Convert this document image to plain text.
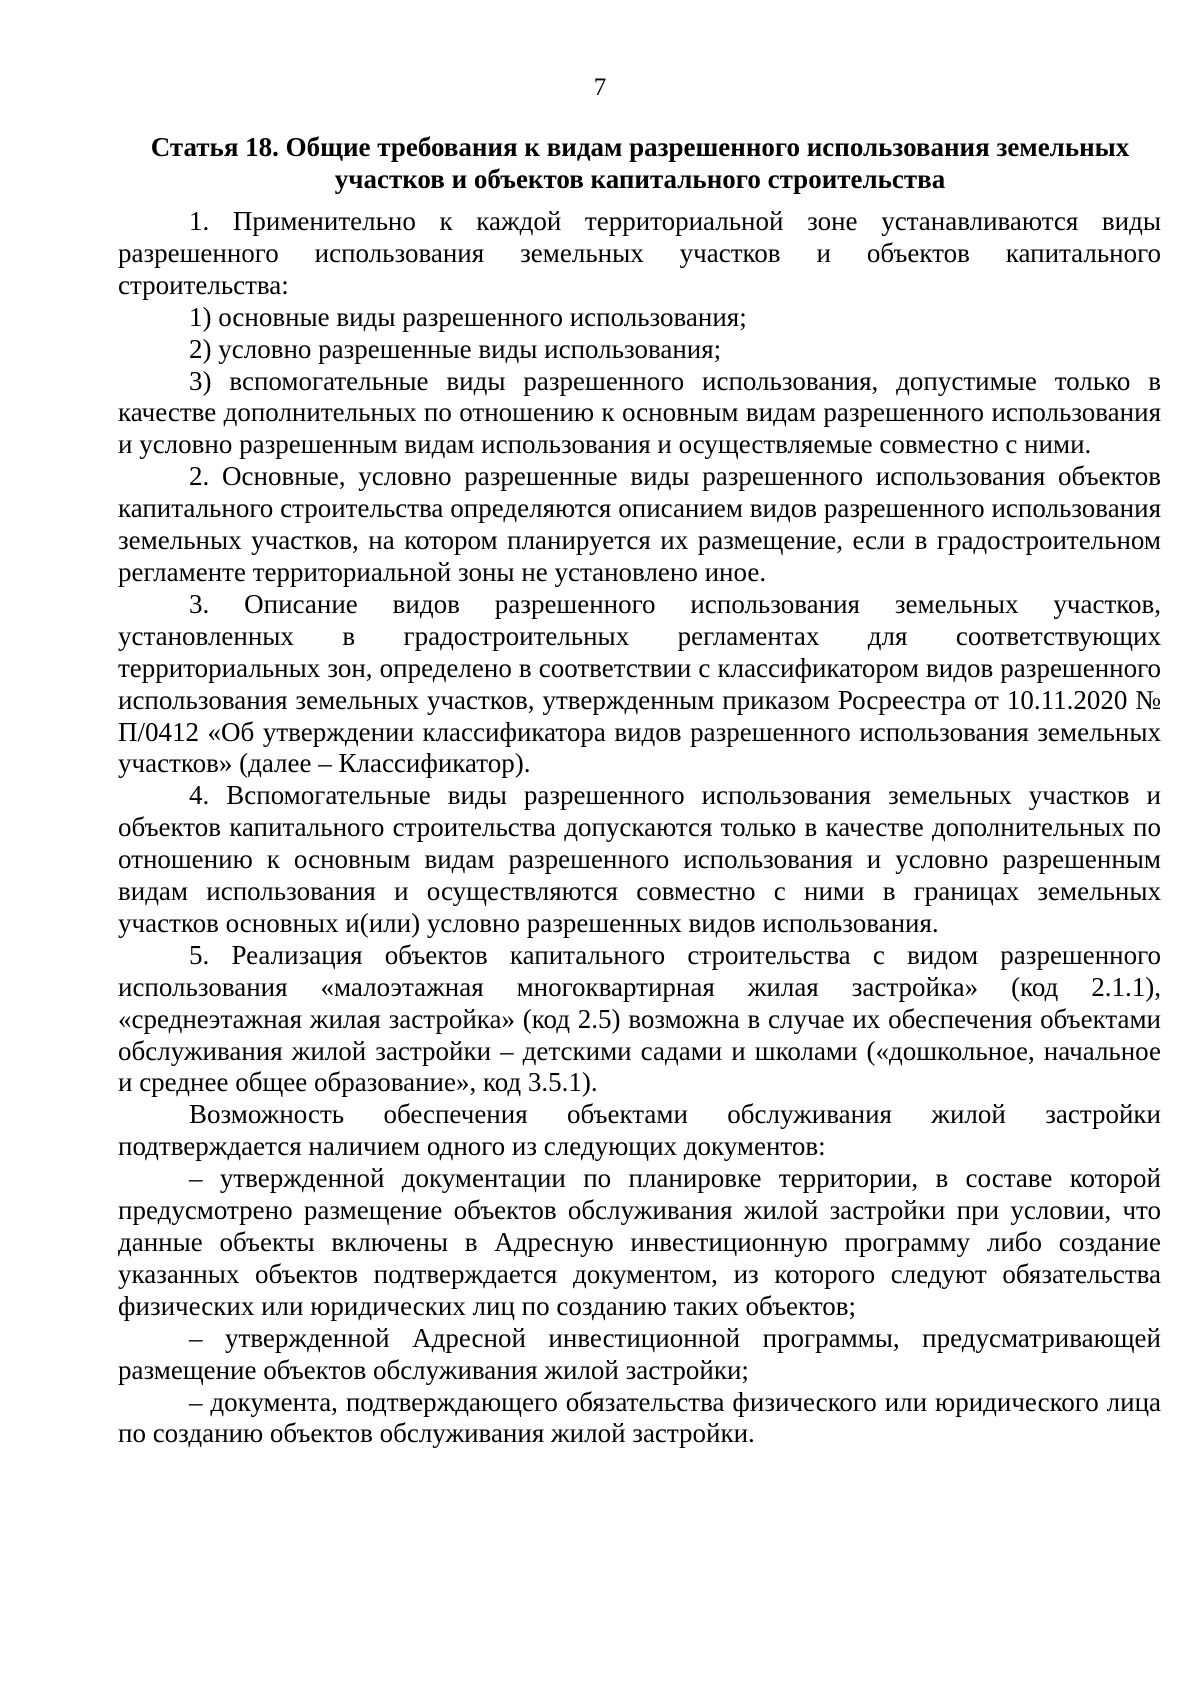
7
Статья 18. Общие требования к видам разрешенного использования земельных участков и объектов капитального строительства

1. Применительно к каждой территориальной зоне устанавливаются виды разрешенного использования земельных участков и объектов капитального строительства:

1) основные виды разрешенного использования;

2) условно разрешенные виды использования;

3) вспомогательные виды разрешенного использования, допустимые только в качестве дополнительных по отношению к основным видам разрешенного использования и условно разрешенным видам использования и осуществляемые совместно с ними.

2. Основные, условно разрешенные виды разрешенного использования объектов капитального строительства определяются описанием видов разрешенного использования земельных участков, на котором планируется их размещение, если в градостроительном регламенте территориальной зоны не установлено иное.

3. Описание видов разрешенного использования земельных участков, установленных в градостроительных регламентах для соответствующих территориальных зон, определено в соответствии с классификатором видов разрешенного использования земельных участков, утвержденным приказом Росреестра от 10.11.2020 № П/0412 «Об утверждении классификатора видов разрешенного использования земельных участков» (далее – Классификатор).

4. Вспомогательные виды разрешенного использования земельных участков и объектов капитального строительства допускаются только в качестве дополнительных по отношению к основным видам разрешенного использования и условно разрешенным видам использования и осуществляются совместно с ними в границах земельных участков основных и(или) условно разрешенных видов использования.

5. Реализация объектов капитального строительства с видом разрешенного использования «малоэтажная многоквартирная жилая застройка» (код 2.1.1), «среднеэтажная жилая застройка» (код 2.5) возможна в случае их обеспечения объектами обслуживания жилой застройки – детскими садами и школами («дошкольное, начальное и среднее общее образование», код 3.5.1).

Возможность обеспечения объектами обслуживания жилой застройки подтверждается наличием одного из следующих документов:

– утвержденной документации по планировке территории, в составе которой предусмотрено размещение объектов обслуживания жилой застройки при условии, что данные объекты включены в Адресную инвестиционную программу либо создание указанных объектов подтверждается документом, из которого следуют обязательства физических или юридических лиц по созданию таких объектов;

– утвержденной Адресной инвестиционной программы, предусматривающей размещение объектов обслуживания жилой застройки;

– документа, подтверждающего обязательства физического или юридического лица по созданию объектов обслуживания жилой застройки.
